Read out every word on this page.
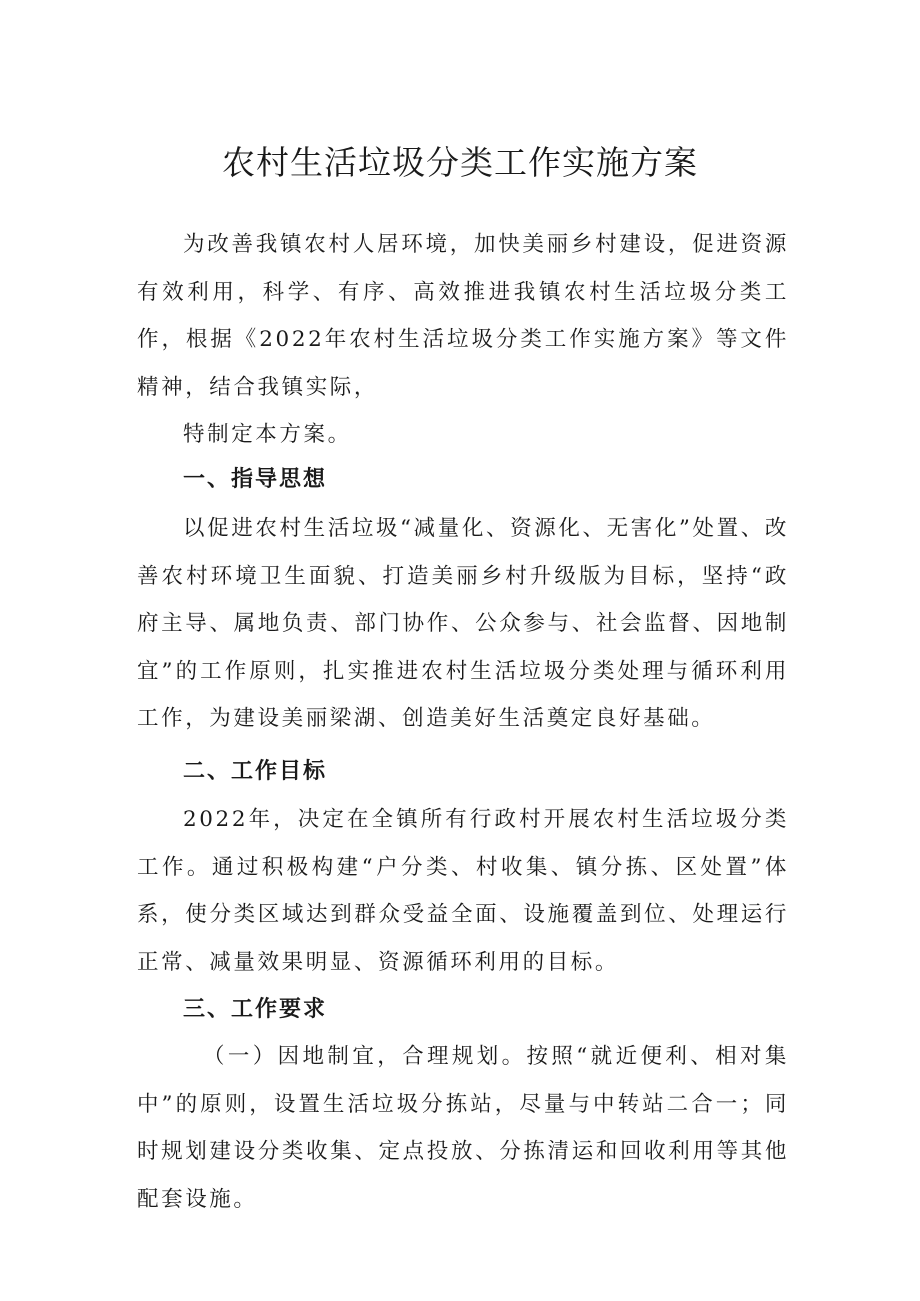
农村生活垃圾分类工作实施方案

为改善我镇农村人居环境，加快美丽乡村建设，促进资源有效利用，科学、有序、高效推进我镇农村生活垃圾分类工作，根据《2022年农村生活垃圾分类工作实施方案》等文件精神，结合我镇实际，

特制定本方案。

一、指导思想

以促进农村生活垃圾“减量化、资源化、无害化”处置、改善农村环境卫生面貌、打造美丽乡村升级版为目标，坚持“政府主导、属地负责、部门协作、公众参与、社会监督、因地制宜”的工作原则，扎实推进农村生活垃圾分类处理与循环利用工作，为建设美丽梁湖、创造美好生活奠定良好基础。

二、工作目标

2022年，决定在全镇所有行政村开展农村生活垃圾分类工作。通过积极构建“户分类、村收集、镇分拣、区处置”体系，使分类区域达到群众受益全面、设施覆盖到位、处理运行正常、减量效果明显、资源循环利用的目标。

三、工作要求

（一）因地制宜，合理规划。按照“就近便利、相对集中”的原则，设置生活垃圾分拣站，尽量与中转站二合一；同时规划建设分类收集、定点投放、分拣清运和回收利用等其他配套设施。
